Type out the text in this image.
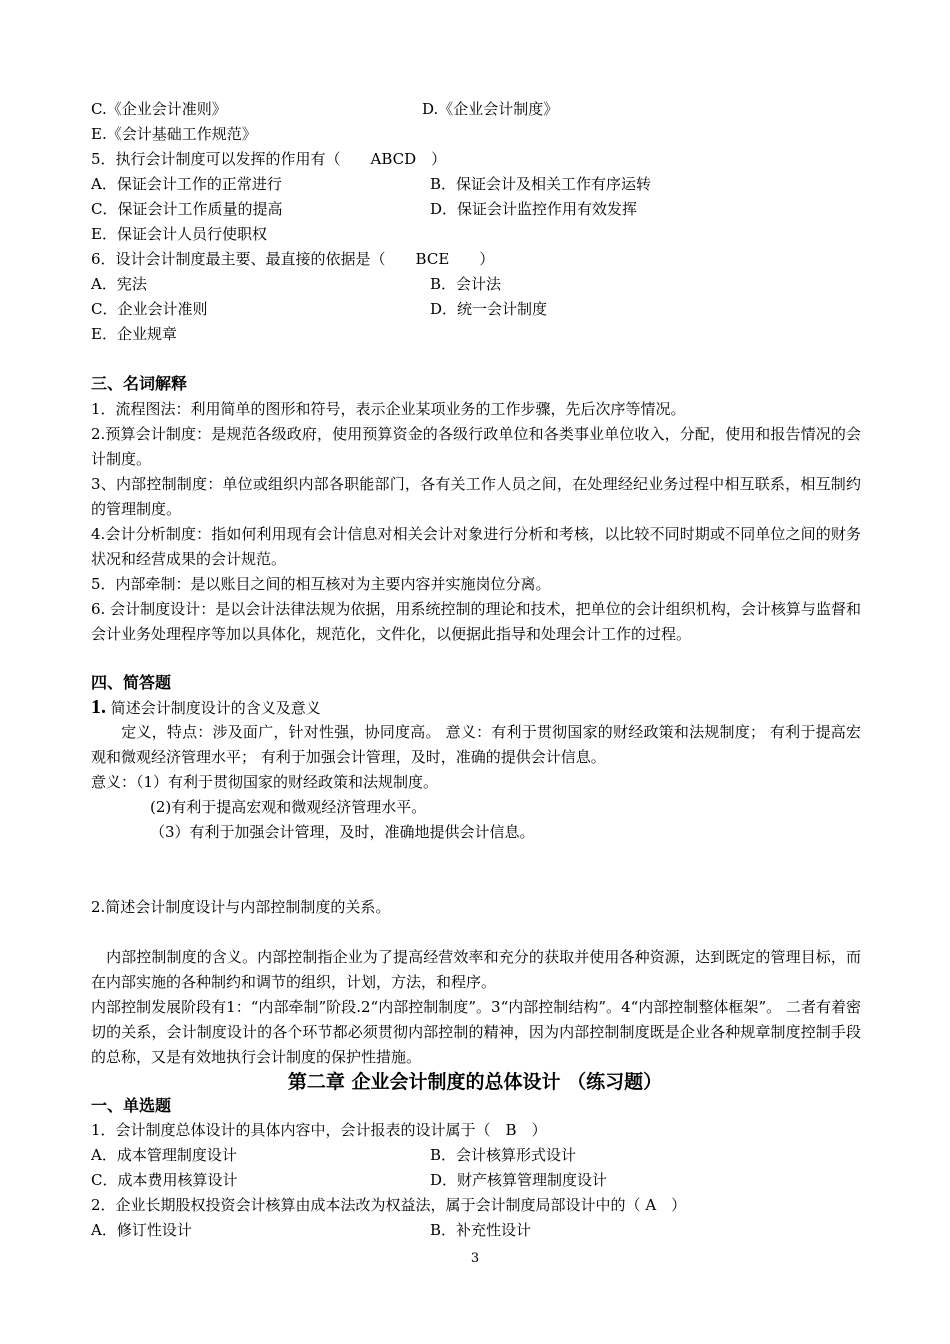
C.《企业会计准则》	D.《企业会计制度》
E.《会计基础工作规范》
5．执行会计制度可以发挥的作用有（　　ABCD　）
A．保证会计工作的正常进行	B．保证会计及相关工作有序运转
C．保证会计工作质量的提高	D．保证会计监控作用有效发挥
E．保证会计人员行使职权
6．设计会计制度最主要、最直接的依据是（　　BCE　　）
A．宪法	B．会计法
C．企业会计准则	D．统一会计制度
E．企业规章
三、名词解释
1．流程图法：利用简单的图形和符号，表示企业某项业务的工作步骤，先后次序等情况。
2.预算会计制度：是规范各级政府，使用预算资金的各级行政单位和各类事业单位收入，分配，使用和报告情况的会计制度。
3、内部控制制度：单位或组织内部各职能部门，各有关工作人员之间，在处理经纪业务过程中相互联系，相互制约的管理制度。
4.会计分析制度：指如何利用现有会计信息对相关会计对象进行分析和考核，以比较不同时期或不同单位之间的财务状况和经营成果的会计规范。
5．内部牵制：是以账目之间的相互核对为主要内容并实施岗位分离。
6. 会计制度设计：是以会计法律法规为依据，用系统控制的理论和技术，把单位的会计组织机构，会计核算与监督和会计业务处理程序等加以具体化，规范化，文件化，以便据此指导和处理会计工作的过程。
四、简答题
1. 简述会计制度设计的含义及意义
　定义，特点：涉及面广，针对性强，协同度高。 意义：有利于贯彻国家的财经政策和法规制度； 有利于提高宏观和微观经济管理水平； 有利于加强会计管理，及时，准确的提供会计信息。
意义：（1）有利于贯彻国家的财经政策和法规制度。
(2)有利于提高宏观和微观经济管理水平。
（3）有利于加强会计管理，及时，准确地提供会计信息。
2.简述会计制度设计与内部控制制度的关系。
　内部控制制度的含义。内部控制指企业为了提高经营效率和充分的获取并使用各种资源，达到既定的管理目标，而在内部实施的各种制约和调节的组织，计划，方法，和程序。
内部控制发展阶段有1：“内部牵制”阶段.2“内部控制制度”。3“内部控制结构”。4“内部控制整体框架”。 二者有着密切的关系，会计制度设计的各个环节都必须贯彻内部控制的精神，因为内部控制制度既是企业各种规章制度控制手段的总称，又是有效地执行会计制度的保护性措施。
第二章 企业会计制度的总体设计 （练习题）
一、单选题
1．会计制度总体设计的具体内容中，会计报表的设计属于（　B　）
A．成本管理制度设计	B．会计核算形式设计
C．成本费用核算设计	D．财产核算管理制度设计
2．企业长期股权投资会计核算由成本法改为权益法，属于会计制度局部设计中的（ A　）
A．修订性设计	B．补充性设计
3
